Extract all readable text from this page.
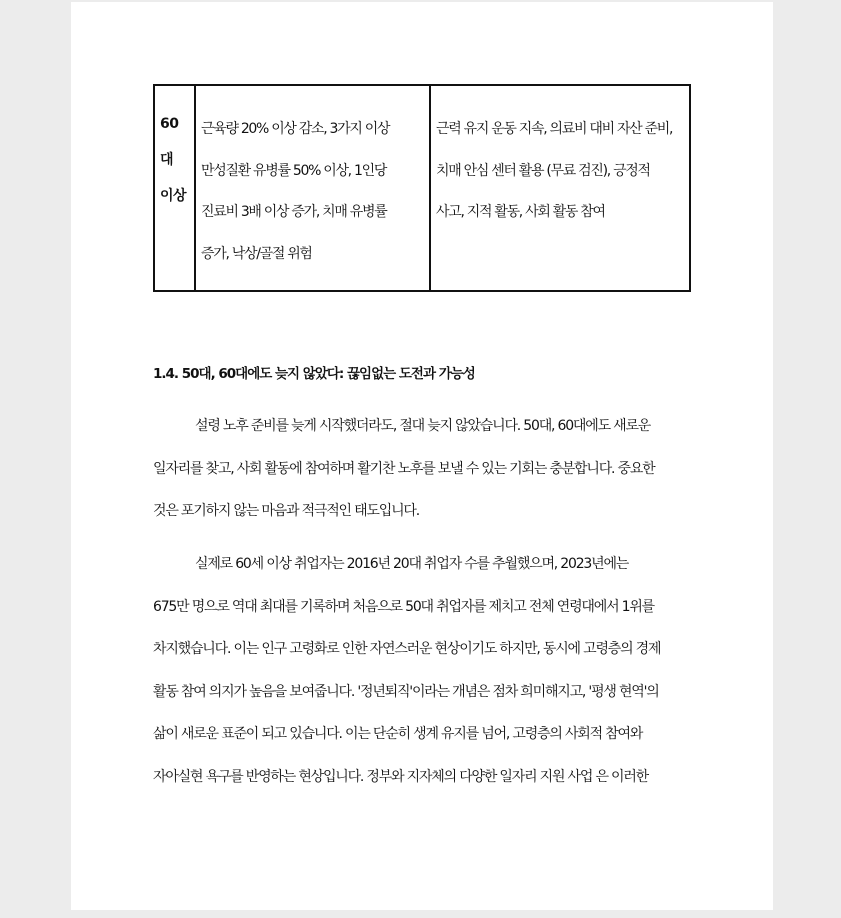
60
대
이상
근육량 20% 이상 감소, 3가지 이상
만성질환 유병률 50% 이상, 1인당
진료비 3배 이상 증가, 치매 유병률
증가, 낙상/골절 위험
근력 유지 운동 지속, 의료비 대비 자산 준비,
치매 안심 센터 활용 (무료 검진), 긍정적
사고, 지적 활동, 사회 활동 참여
1.4. 50대, 60대에도 늦지 않았다: 끊임없는 도전과 가능성
설령 노후 준비를 늦게 시작했더라도, 절대 늦지 않았습니다. 50대, 60대에도 새로운
일자리를 찾고, 사회 활동에 참여하며 활기찬 노후를 보낼 수 있는 기회는 충분합니다. 중요한
것은 포기하지 않는 마음과 적극적인 태도입니다.
실제로 60세 이상 취업자는 2016년 20대 취업자 수를 추월했으며, 2023년에는
675만 명으로 역대 최대를 기록하며 처음으로 50대 취업자를 제치고 전체 연령대에서 1위를
차지했습니다. 이는 인구 고령화로 인한 자연스러운 현상이기도 하지만, 동시에 고령층의 경제
활동 참여 의지가 높음을 보여줍니다. '정년퇴직'이라는 개념은 점차 희미해지고, '평생 현역'의
삶이 새로운 표준이 되고 있습니다. 이는 단순히 생계 유지를 넘어, 고령층의 사회적 참여와
자아실현 욕구를 반영하는 현상입니다. 정부와 지자체의 다양한 일자리 지원 사업 은 이러한
